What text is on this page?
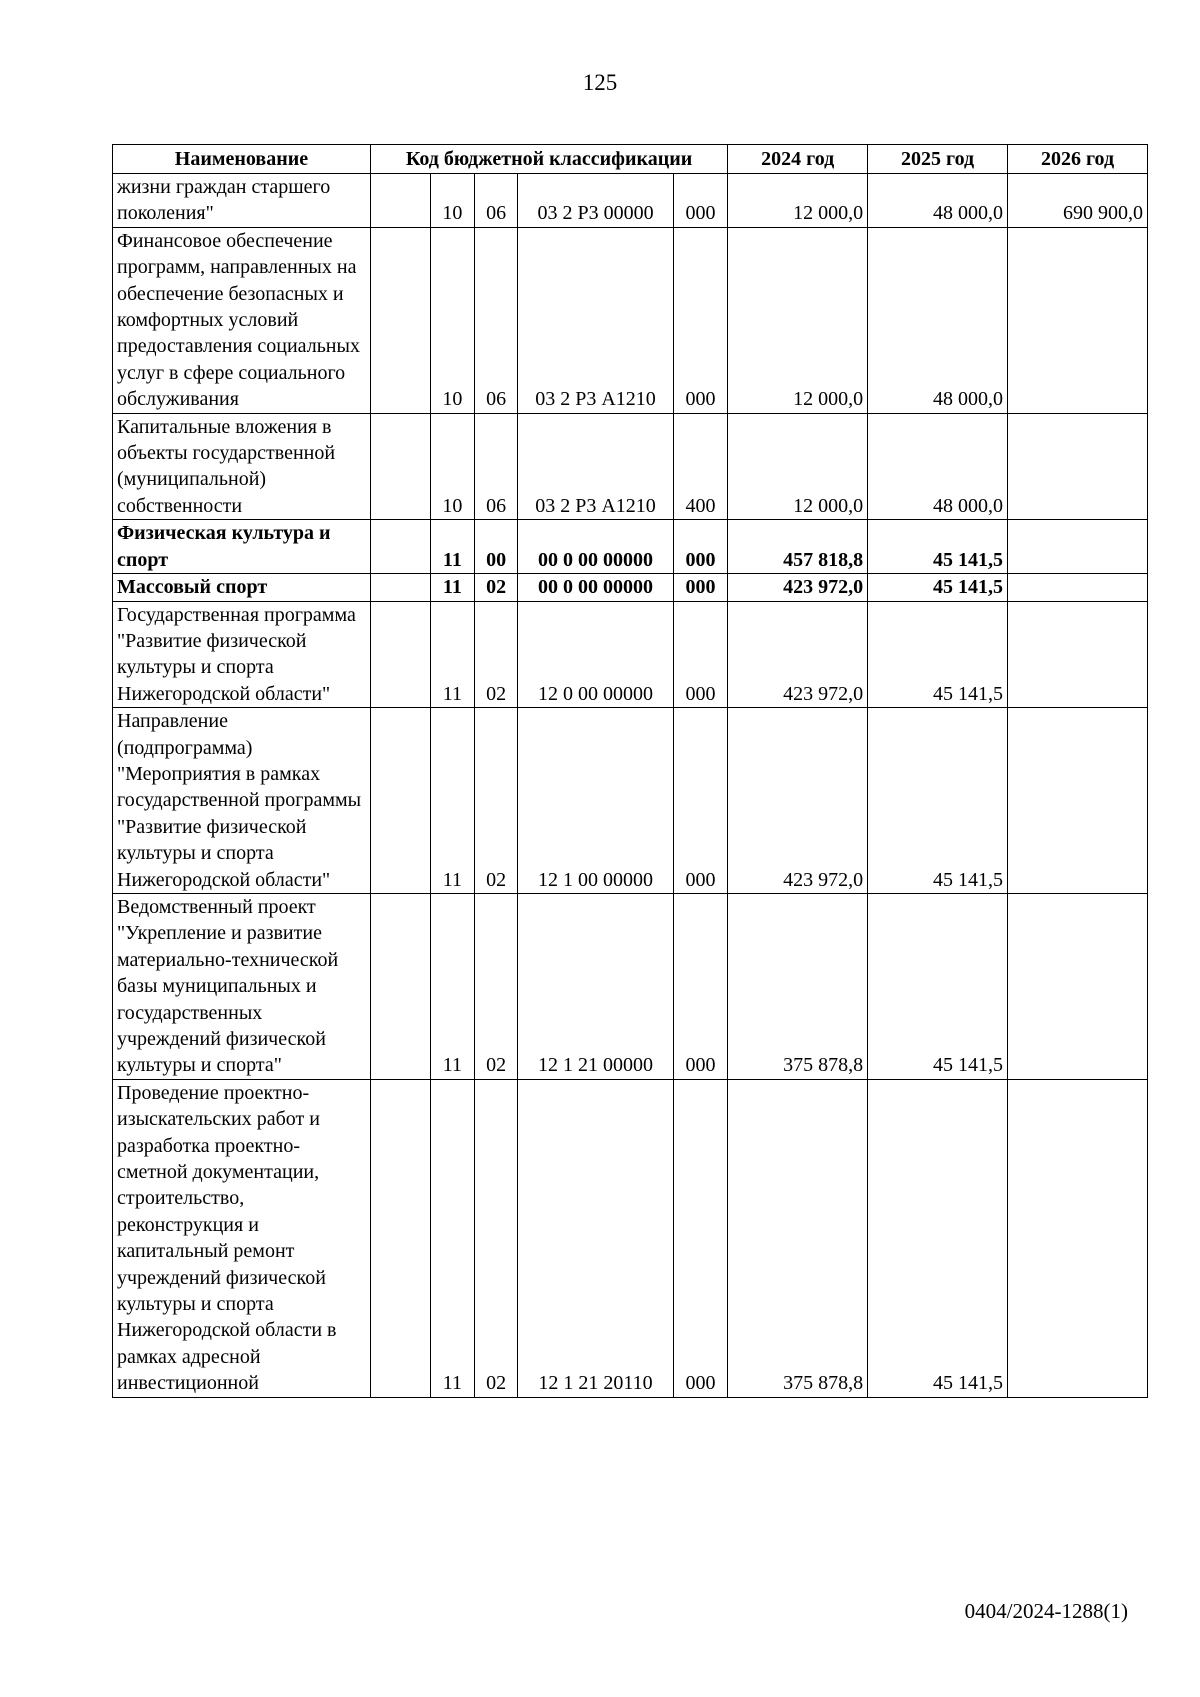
125
Наименование	Код бюджетной классификации					2024 год	2025 год	2026 год
жизни граждан старшего поколения"		10	06	03 2 Р3 00000	000	12 000,0	48 000,0	690 900,0
Финансовое обеспечение программ, направленных на обеспечение безопасных и комфортных условий предоставления социальных услуг в сфере социального обслуживания		10	06	03 2 Р3 А1210	000	12 000,0	48 000,0	
Капитальные вложения в объекты государственной (муниципальной) собственности		10	06	03 2 Р3 А1210	400	12 000,0	48 000,0	
Физическая культура и спорт		11	00	00 0 00 00000	000	457 818,8	45 141,5	
Массовый спорт		11	02	00 0 00 00000	000	423 972,0	45 141,5	
Государственная программа "Развитие физической культуры и спорта Нижегородской области"		11	02	12 0 00 00000	000	423 972,0	45 141,5	
Направление (подпрограмма) "Мероприятия в рамках государственной программы "Развитие физической культуры и спорта Нижегородской области"		11	02	12 1 00 00000	000	423 972,0	45 141,5	
Ведомственный проект "Укрепление и развитие материально-технической базы муниципальных и государственных учреждений физической культуры и спорта"		11	02	12 1 21 00000	000	375 878,8	45 141,5	
Проведение проектно-изыскательских работ и разработка проектно-сметной документации, строительство, реконструкция и капитальный ремонт учреждений физической культуры и спорта Нижегородской области в рамках адресной инвестиционной		11	02	12 1 21 20110	000	375 878,8	45 141,5	
0404/2024-1288(1)
